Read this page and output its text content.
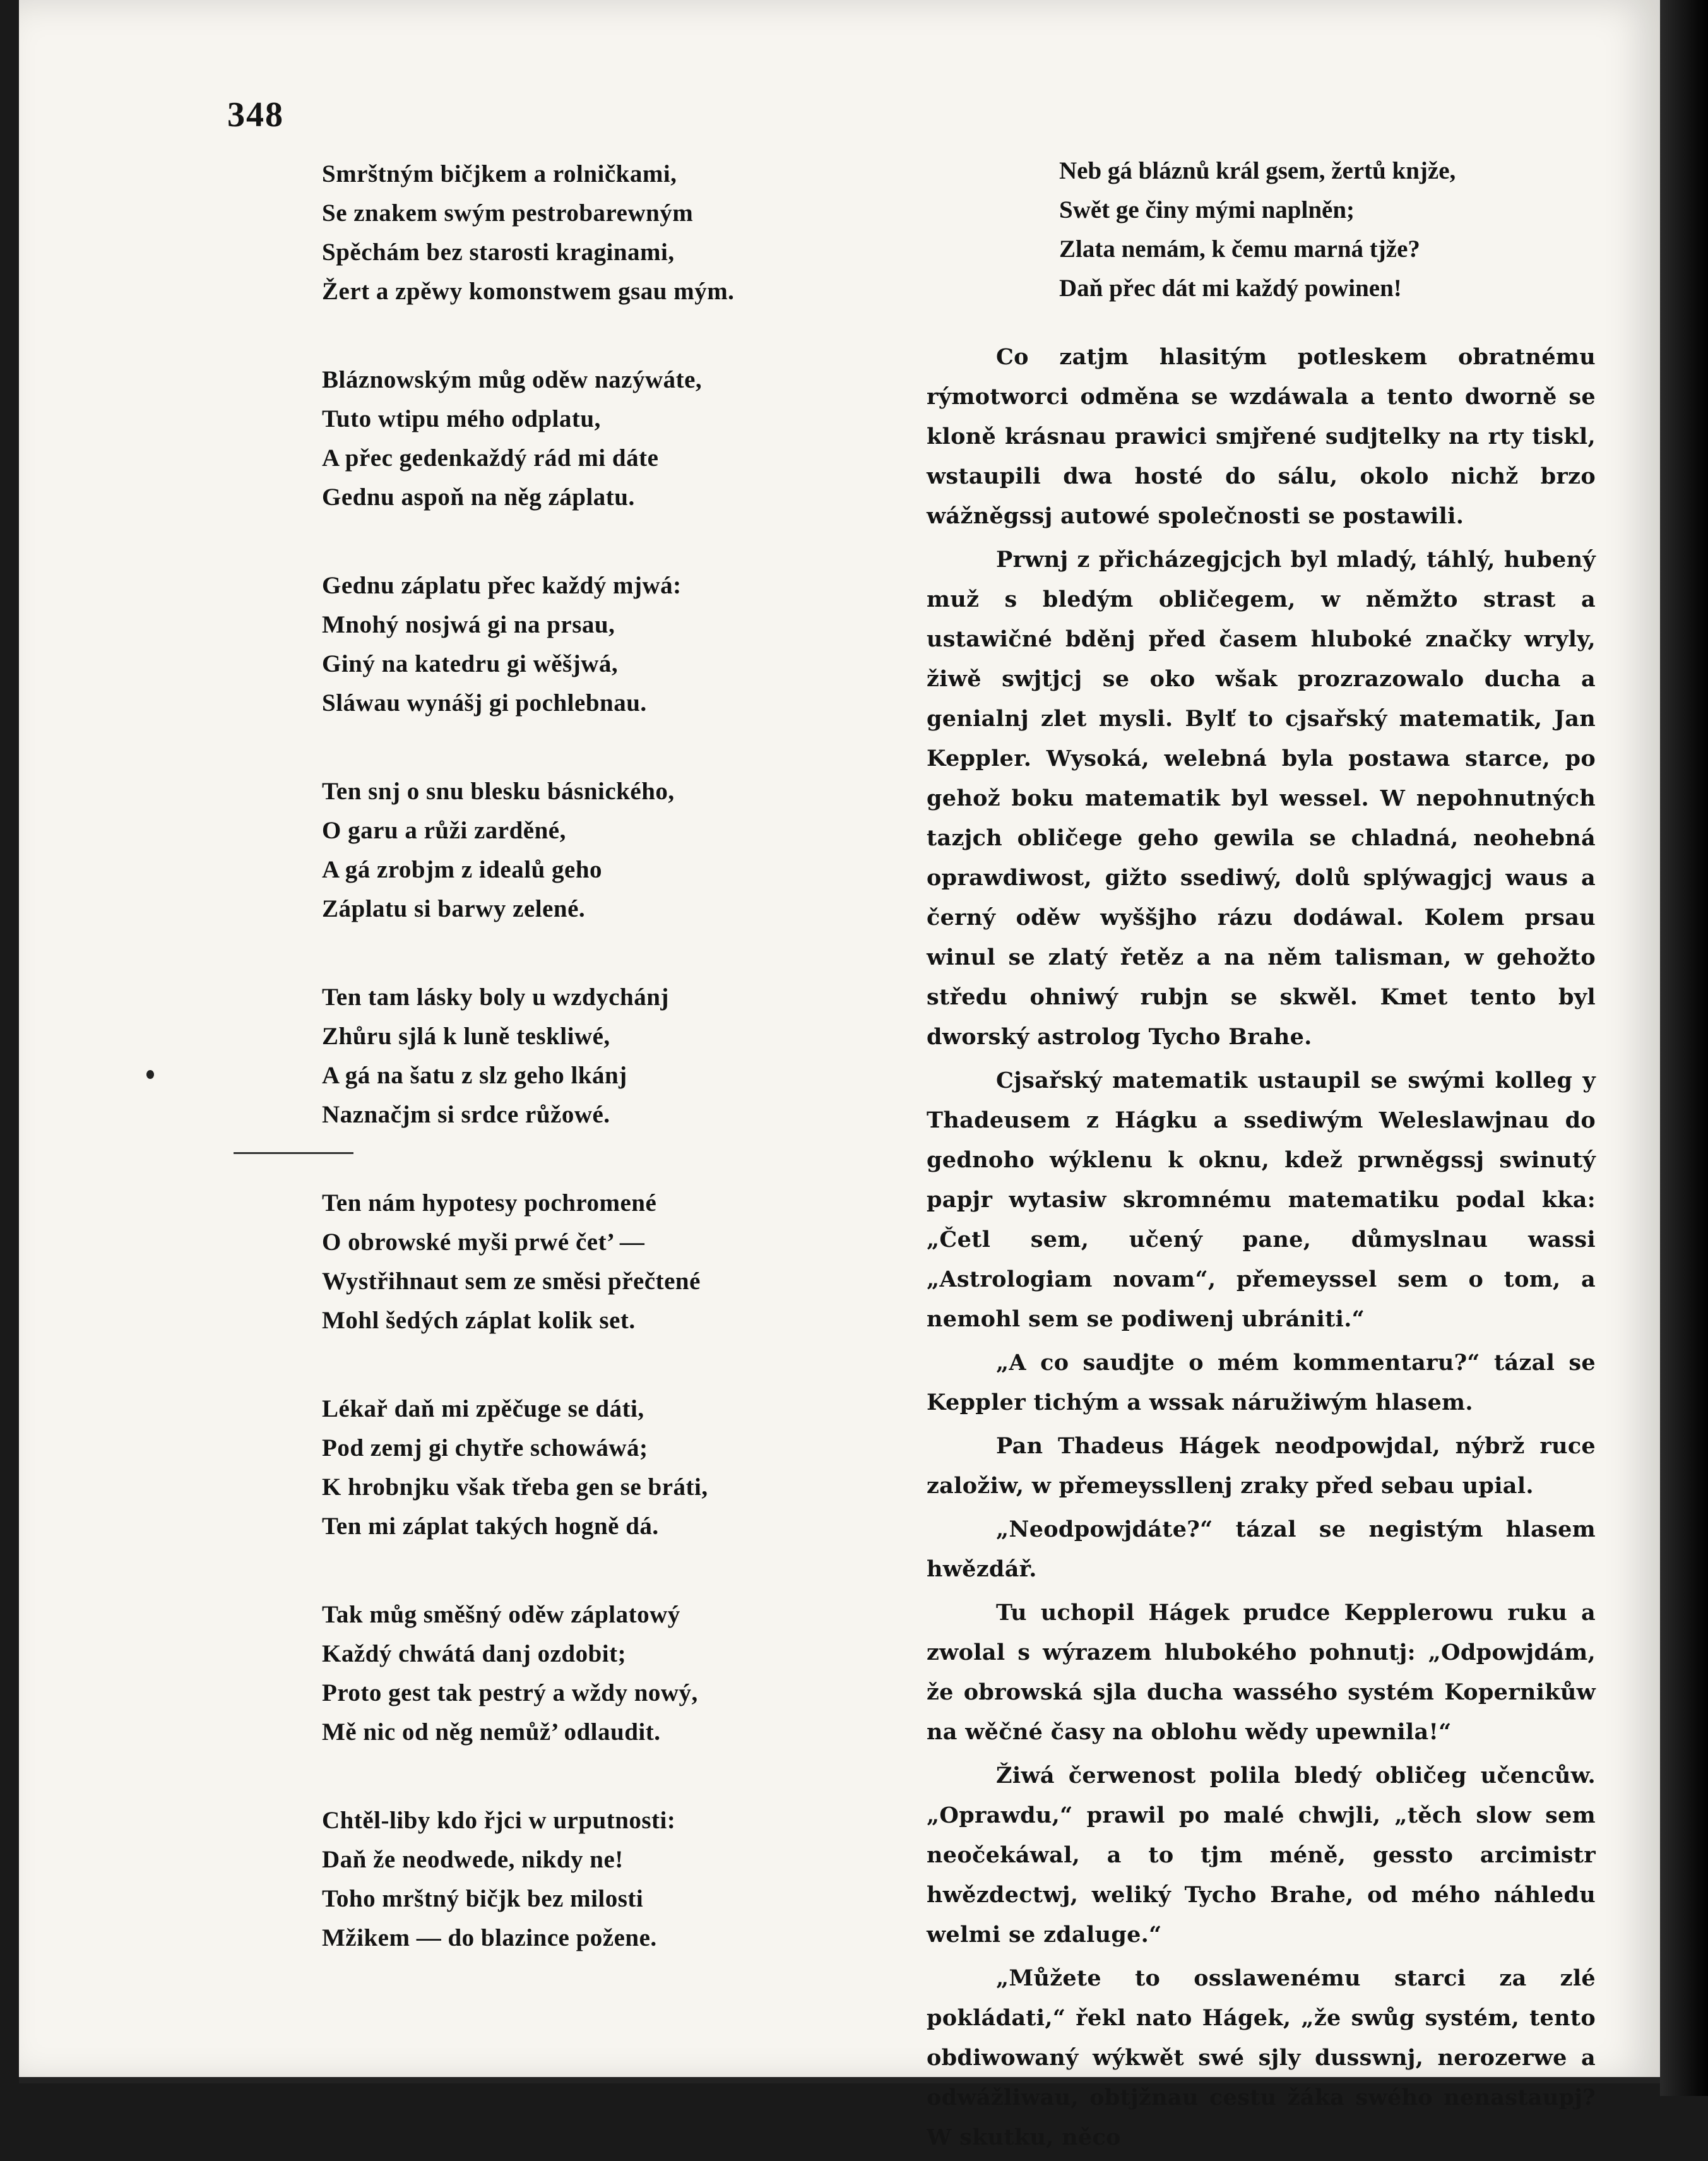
348
Smrštným bičjkem a rolničkami,
Se znakem swým pestrobarewným
Spěchám bez starosti kraginami,
Žert a zpěwy komonstwem gsau mým.
Bláznowským můg oděw nazýwáte,
Tuto wtipu mého odplatu,
A přec gedenkaždý rád mi dáte
Gednu aspoň na něg záplatu.
Gednu záplatu přec každý mjwá:
Mnohý nosjwá gi na prsau,
Giný na katedru gi wěšjwá,
Sláwau wynášj gi pochlebnau.
Ten snj o snu blesku básnického,
O garu a růži zarděné,
A gá zrobjm z idealů geho
Záplatu si barwy zelené.
Ten tam lásky boly u wzdychánj
Zhůru sjlá k luně teskliwé,
A gá na šatu z slz geho lkánj
Naznačjm si srdce růžowé.
Ten nám hypotesy pochromené
O obrowské myši prwé čet’ —
Wystřihnaut sem ze směsi přečtené
Mohl šedých záplat kolik set.
Lékař daň mi zpěčuge se dáti,
Pod zemj gi chytře schowáwá;
K hrobnjku však třeba gen se bráti,
Ten mi záplat takých hogně dá.
Tak můg směšný oděw záplatowý
Každý chwátá danj ozdobit;
Proto gest tak pestrý a wždy nowý,
Mě nic od něg nemůž’ odlaudit.
Chtěl-liby kdo řjci w urputnosti:
Daň že neodwede, nikdy ne!
Toho mrštný bičjk bez milosti
Mžikem — do blazince požene.
Neb gá bláznů král gsem, žertů knjže,
Swět ge činy mými naplněn;
Zlata nemám, k čemu marná tjže?
Daň přec dát mi každý powinen!

Co zatjm hlasitým potleskem obratnému rýmotworci odměna se wzdáwala a tento dworně se kloně krásnau prawici smjřené sudjtelky na rty tiskl, wstaupili dwa hosté do sálu, okolo nichž brzo wážněgssj autowé společnosti se postawili.

Prwnj z přicházegjcjch byl mladý, táhlý, hubený muž s bledým obličegem, w němžto strast a ustawičné bděnj před časem hluboké značky wryly, žiwě swjtjcj se oko wšak prozrazowalo ducha a genialnj zlet mysli. Bylť to cjsařský matematik, Jan Keppler. Wysoká, welebná byla postawa starce, po gehož boku matematik byl wessel. W nepohnutných tazjch obličege geho gewila se chladná, neohebná oprawdiwost, gižto ssediwý, dolů splýwagjcj waus a černý oděw wyššjho rázu dodáwal. Kolem prsau winul se zlatý řetěz a na něm talisman, w gehožto středu ohniwý rubjn se skwěl. Kmet tento byl dworský astrolog Tycho Brahe.

Cjsařský matematik ustaupil se swými kolleg y Thadeusem z Hágku a ssediwým Weleslawjnau do gednoho wýklenu k oknu, kdež prwněgssj swinutý papjr wytasiw skromnému matematiku podal kka: „Četl sem, učený pane, důmyslnau wassi „Astrologiam novam“, přemeyssel sem o tom, a nemohl sem se podiwenj ubrániti.“

„A co saudjte o mém kommentaru?“ tázal se Keppler tichým a wssak náružiwým hlasem.

Pan Thadeus Hágek neodpowjdal, nýbrž ruce založiw, w přemeyssllenj zraky před sebau upial.

„Neodpowjdáte?“ tázal se negistým hlasem hwězdář.

Tu uchopil Hágek prudce Kepplerowu ruku a zwolal s wýrazem hlubokého pohnutj: „Odpowjdám, že obrowská sjla ducha wassého systém Kopernikůw na wěčné časy na oblohu wědy upewnila!“

Žiwá čerwenost polila bledý obličeg učencůw. „Oprawdu,“ prawil po malé chwjli, „těch slow sem neočekáwal, a to tjm méně, gessto arcimistr hwězdectwj, weliký Tycho Brahe, od mého náhledu welmi se zdaluge.“

„Můžete to osslawenému starci za zlé pokládati,“ řekl nato Hágek, „že swůg systém, tento obdiwowaný wýkwět swé sjly dusswnj, nerozerwe a odwážliwau, obtjžnau cestu žáka swého nenastaupj? W skutku, něco
